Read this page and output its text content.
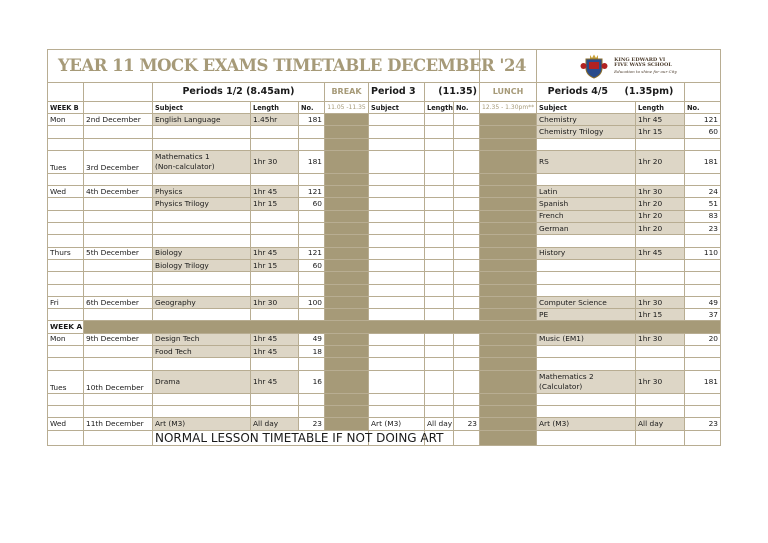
YEAR 11 MOCK EXAMS TIMETABLE DECEMBER '24										KING EDWARD VI
FIVE WAYS SCHOOL
Education to shine for our City		

		Periods 1/2 (8.45am)			BREAK	Period 3	(11.35)		LUNCH	Periods 4/5 (1.35pm)		
WEEK B		Subject	Length	No.	11.05 -11.35	Subject	Length	No.	12.35 - 1.30pm**	Subject	Length	No.
Mon	2nd December	English Language	1.45hr	181						Chemistry	1hr 45	121
										Chemistry Trilogy	1hr 15	60

Tues	3rd December	Mathematics 1
(Non-calculator)	1hr 30	181						RS	1hr 20	181

Wed	4th December	Physics	1hr 45	121						Latin	1hr 30	24
		Physics Trilogy	1hr 15	60						Spanish	1hr 20	51
										French	1hr 20	83
										German	1hr 20	23

Thurs	5th December	Biology	1hr 45	121						History	1hr 45	110
		Biology Trilogy	1hr 15	60								

Fri	6th December	Geography	1hr 30	100						Computer Science	1hr 30	49
										PE	1hr 15	37
WEEK A												
Mon	9th December	Design Tech	1hr 45	49						Music (EM1)	1hr 30	20
		Food Tech	1hr 45	18								

Tues	10th December	Drama	1hr 45	16						Mathematics 2
(Calculator)	1hr 30	181

Wed	11th December	Art (M3)	All day	23		Art (M3)	All day	23		Art (M3)	All day	23
		NORMAL LESSON TIMETABLE IF NOT DOING ART										
